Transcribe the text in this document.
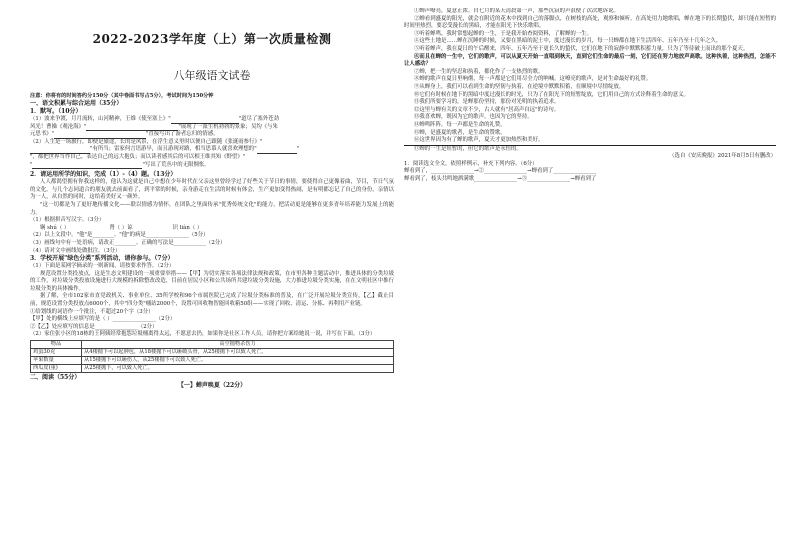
2022-2023学年度（上）第一次质量检测
八年级语文试卷
注意：你将有的时间答约分150分（其中卷面书写占5分），考试时间为150分钟
一、语文积累与综合运用（35分）
1．默写。（10分）
（1）波来争渡，月月流转，山河精神，王维《使至塞上》"	"道尽了塞外苍劲
风光！曹操《观沧海》"	"展现了一派生机勃勃的景象；吴均《与朱
元思书》"	"直接写出了游者忘归的情感。
（2）人生是一场旅行，即便是旅途，长的是风景，在浮生意义里时以便自己跟随《张诞雨参行》"
"有所当；雷家何言语游早，而且游现对路，相当思慕人就喜欢理想的"	"
"，都把世界当作自己，表达自己的远大抱负；而以读者感其后的可以相王维其知《野望》"
"	"写出了荒丛中的无限惆怅。
2．请运用所学的知识，完成（1）-（4）题。（13分）
人人都渴望拥有你我这样的，他认为这就是自己中想在少年时代在父亲这里曾经学过了好些关于节日的事情，要使得自己更像着曲，节目，节日气氛的文化。与几个志同道合的朋友就去前面看了，到平常的时候，亲身游走在生活的时候有体会，生产更加变得热闹，是有明都忘记了自己的身份，亲情以为一人，从自然的同时，这给着美好又一颜外。
"这一切都是为了更好地传播文化——联以情感为情怀，在团队之里面传承"优秀传统文化"的能力，把活动更是能够在更多青年培养能力发展上的能力。
（1）根据拼音写汉字。（3分）
娴 shú（ ）	肾（ ）谅	识 liàn（ ）
（2）以上文段中，"他"是________。"他"的病是________________（5分）
（3）画线句中有一处语病，请改正________。正确的写法是____________（2分）
（4）请对文中画线处做批注。（3分）
3．学校开展"绿色分类"系列活动，请你参与。（7分）
（1）下面是某网学摘录的一则新闻，请按要求作答。（2分）
规范设置分类投放点，这是生态文明建设的一项重要举措——【甲】为切实落实各项法律法规和政策，在市里各种主题活动中，推进具体的分类垃圾的工作，对垃圾分类投放设施进行大规模的拆除整改改造，目前在居民小区和公共场所共建垃圾分类设施，大力推进垃圾分类实施，在在文明社区中推行垃圾分类的具体操作。
据了解，全市102家市直党政机关、事业单位、35所学校和96个市属医院已完成了垃圾分类标准的普及，在广泛开展垃圾分类宣传，【乙】截止目前，规范设置分类投放点6000个，其中"四分类"桶站2000个，设置可回收物智能回收箱50组——实现了回收、清运、分拣、再利用产业链。
①给划线的词语作一个批注，不超过20个字（3分）
【甲】处的横线上应填写的是（ ）________________（2分）
②【乙】处应填写的信息是________________（2分）
（2）家住张小区的18栋的王阿姨经常抱怨垃圾桶离得太远，不愿意去扔，如果你是社区工作人员，请你把方案给她说一说，并写在下面。（3分）
物品	高空抛物杀伤力
鸡蛋30克	从4楼抛下可以起肿包，从18楼抛下可以砸破头骨，从25楼抛下可以致人死亡。
苹果数量	从15楼抛下可以砸伤人，从25楼抛下可以致人死亡。
西瓜皮(重)	从25楼抛下，可以致人死亡。
二、阅读（55分）
【一】蝉声唤夏（22分）
①蝉声嘹亮，夏意正浓。自七月的某天清晨第一声，那些沉寂的声浪便了次次地诉说。
②蝉看到盛夏的阳光，就会在附近的花木中找到自己的落脚点，在树枝的高处，观察和倾听，在高处用力地歌唱，蝉在地下的长期蛰伏，却只能在短暂的时间里热烈，要忍受漫长的黑暗，才能在阳光下快乐歌唱。
③听着蝉鸣，我时常想起蝉的一生，于是我开始查阅资料，了解蝉的一生。
④这些土地是……蝉在沉睡的时候，又要在黑暗的泥土中，度过漫长的岁月，每一只蝉都在地下生活四年、五年乃至十几年之久。
⑤听着蝉声，我在夏日的午后醒来，四年、五年乃至于更长久的蛰伏，它们在地下的寂静中默默积蓄力量，只为了等待破土而出的那个夏天。
⑥而且在蝉的一生中，它们的歌声，可以从夏天开始一直唱到秋天，直到它们生命的最后一刻，它们还在努力地放声高歌。这种执着，这种热烈，怎能不让人感动？
⑦蝉，把一生的坚忍和执着，都化作了一支热烈的歌。
⑧蝉的歌声在夏日里响彻，每一声都是它们用尽全力的呐喊。这嘹亮的歌声，是对生命最好的礼赞。
⑨从蝉身上，我们可以看到生命的坚韧与执着，在逆境中默默积蓄，在顺境中尽情绽放。
⑩它们有时候在地下的黑暗中度过漫长的时光，只为了在阳光下的短暂绽放，它们用自己的方式诠释着生命的意义。
⑪我们所要学习的，是蝉那份坚持，那份对光明的执着追求。
⑫这里与蝉有关的文章不少，古人就有"居高声自远"的诗句。
⑬我喜欢蝉，既因为它的歌声，也因为它的坚持。
⑭蝉鸣阵阵，每一声都是生命的礼赞。
⑮蝉，是盛夏的歌者，是生命的赞歌。
⑯这世界因为有了蝉的歌声，夏天才更加热烈和美好。
⑰蝉的一生是短暂的，但它的歌声是永恒的。
（选自《安庆晚报》2021年8月5日有删改）
1．阅读选文全文，依照样例示，补充下列内容。（6分）
蝉看到了，________________→②________________→蝉看到了________________
蝉看到了，枝头共鸣地洒满歌________________→③________________→蝉看到了
